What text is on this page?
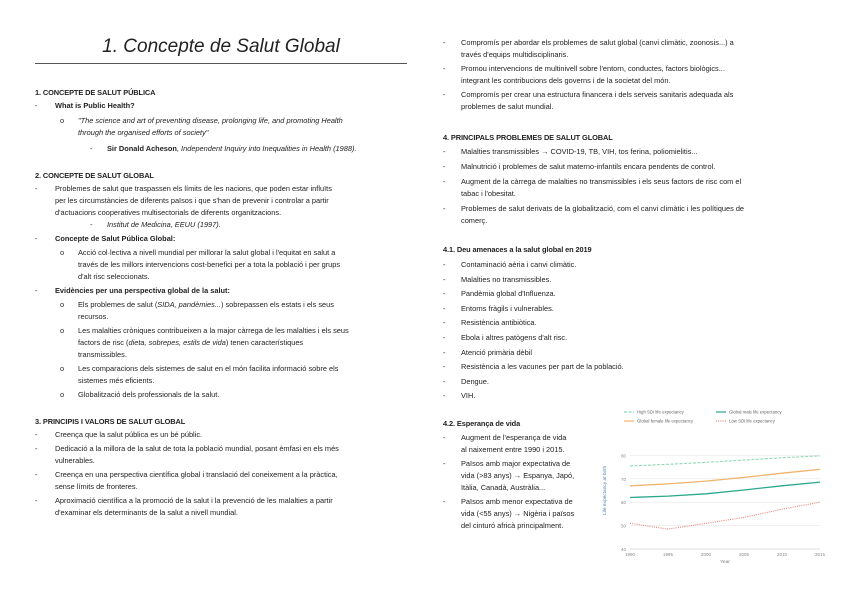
1. Concepte de Salut Global
1. CONCEPTE DE SALUT PÚBLICA
- What is Public Health?
o "The science and art of preventing disease, prolonging life, and promoting Health
through the organised efforts of society"
- Sir Donald Acheson, Independent Inquiry into Inequalities in Health (1988).
2. CONCEPTE DE SALUT GLOBAL
- Problemes de salut que traspassen els límits de les nacions, que poden estar influïts
per les circumstàncies de diferents països i que s'han de prevenir i controlar a partir
d'actuacions cooperatives multisectorials de diferents organitzacions.
- Institut de Medicina, EEUU (1997).
- Concepte de Salut Pública Global:
o Acció col·lectiva a nivell mundial per millorar la salut global i l'equitat en salut a
través de les millors intervencions cost-benefici per a tota la població i per grups
d'alt risc seleccionats.
- Evidències per una perspectiva global de la salut:
o Els problemes de salut (SIDA, pandèmies...) sobrepassen els estats i els seus
recursos.
o Les malalties cròniques contribueixen a la major càrrega de les malalties i els seus
factors de risc (dieta, sobrepes, estils de vida) tenen característiques
transmissibles.
o Les comparacions dels sistemes de salut en el món facilita informació sobre els
sistemes més eficients.
o Globalització dels professionals de la salut.
3. PRINCIPIS I VALORS DE SALUT GLOBAL
- Creença que la salut pública es un bé públic.
- Dedicació a la millora de la salut de tota la població mundial, posant èmfasi en els més
vulnerables.
- Creença en una perspectiva científica global i translació del coneixement a la pràctica,
sense límits de fronteres.
- Aproximació científica a la promoció de la salut i la prevenció de les malalties a partir
d'examinar els determinants de la salut a nivell mundial.
- Compromís per abordar els problemes de salut global (canvi climàtic, zoonosis...) a
través d'equips multidisciplinaris.
- Promou intervencions de multinivell sobre l'entorn, conductes, factors biològics...
integrant les contribucions dels governs i de la societat del món.
- Compromís per crear una estructura financera i dels serveis sanitaris adequada als
problemes de salut mundial.
4. PRINCIPALS PROBLEMES DE SALUT GLOBAL
- Malalties transmissibles → COVID-19, TB, VIH, tos ferina, poliomielitis...
- Malnutrició i problemes de salut materno-infantils encara pendents de control.
- Augment de la càrrega de malalties no transmissibles i els seus factors de risc com el
tabac i l'obesitat.
- Problemes de salut derivats de la globalització, com el canvi climàtic i les polítiques de
comerç.
4.1. Deu amenaces a la salut global en 2019
- Contaminació aèria i canvi climàtic.
- Malalties no transmissibles.
- Pandèmia global d'Influenza.
- Entorns fràgils i vulnerables.
- Resistència antibiòtica.
- Ebola i altres patògens d'alt risc.
- Atenció primària dèbil
- Resistència a les vacunes per part de la població.
- Dengue.
- VIH.
4.2. Esperança de vida
- Augment de l'esperança de vida
al naixement entre 1990 i 2015.
- Països amb major expectativa de
vida (>83 anys) → Espanya, Japó,
Itàlia, Canadà, Austràlia...
- Països amb menor expectativa de
vida (<55 anys) → Nigèria i països
del cinturó africà principalment.
40
50
60
70
80
1990	1995	2000	2005	2010	2015
Year
Life expectancy at birth
High SDI life expectancy	Global male life expectancy
Global female life expectancy	Low SDI life expectancy
